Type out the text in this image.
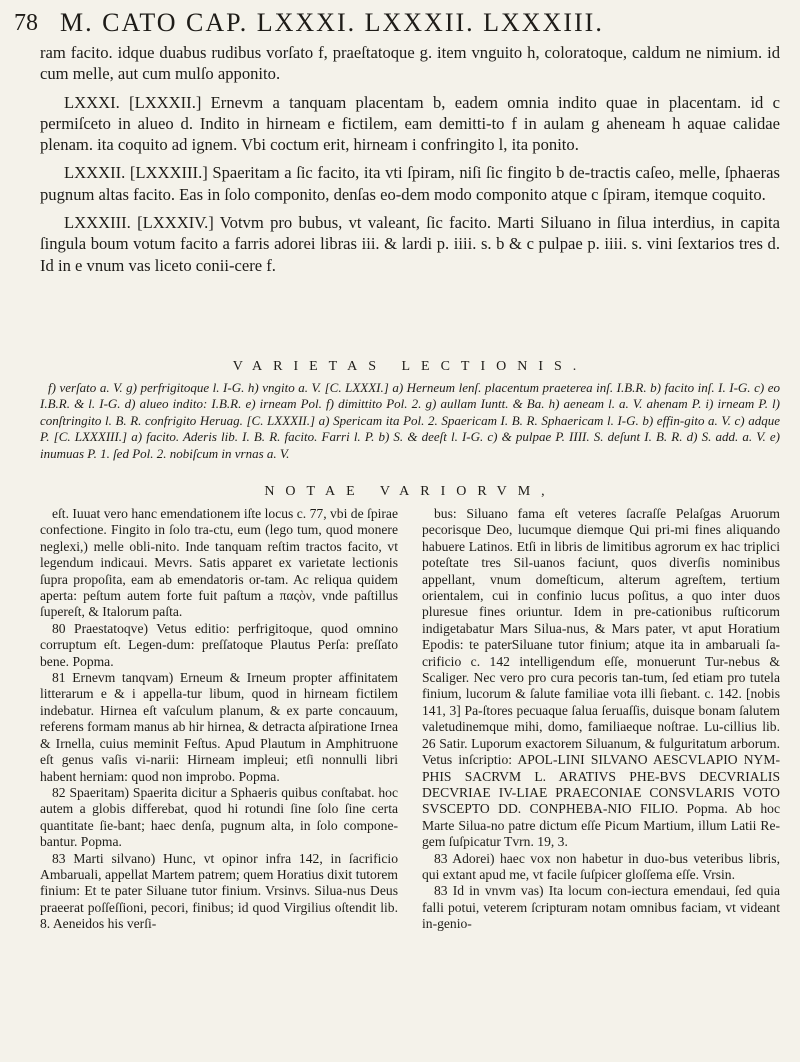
78 M. CATO CAP. LXXXI. LXXXII. LXXXIII.

ram facito. idque duabus rudibus vorſato f, praeſtatoque g. item vnguito h, coloratoque, caldum ne nimium. id cum melle, aut cum mulſo apponito.

LXXXI. [LXXXII.] Ernevm a tanquam placentam b, eadem omnia indito quae in placentam. id c permiſceto in alueo d. Indito in hirneam e fictilem, eam demitti-to f in aulam g aheneam h aquae calidae plenam. ita coquito ad ignem. Vbi coctum erit, hirneam i confringito l, ita ponito.

LXXXII. [LXXXIII.] Spaeritam a ſic facito, ita vti ſpiram, niſi ſic fingito b de-tractis caſeo, melle, ſphaeras pugnum altas facito. Eas in ſolo componito, denſas eo-dem modo componito atque c ſpiram, itemque coquito.

LXXXIII. [LXXXIV.] Votvm pro bubus, vt valeant, ſic facito. Marti Siluano in ſilua interdius, in capita ſingula boum votum facito a farris adorei libras iii. & lardi p. iiii. s. b & c pulpae p. iiii. s. vini ſextarios tres d. Id in e vnum vas liceto conii-cere f.

VARIETAS LECTIONIS.

f) verſato a. V. g) perfrigitoque l. I-G. h) vngito a. V. [C. LXXXI.] a) Herneum lenſ. placentum praeterea inſ. I.B.R. b) facito inſ. I. I-G. c) eo I.B.R. & l. I-G. d) alueo indito: I.B.R. e) irneam Pol. f) dimittito Pol. 2. g) aullam Iuntt. & Ba. h) aeneam l. a. V. ahenam P. i) irneam P. l) conſtringito l. B. R. confrigito Heruag. [C. LXXXII.] a) Spericam ita Pol. 2. Spaericam I. B. R. Sphaericam l. I-G. b) effin-gito a. V. c) adque P. [C. LXXXIII.] a) facito. Aderis lib. I. B. R. facito. Farri l. P. b) S. & deeſt l. I-G. c) & pulpae P. IIII. S. deſunt I. B. R. d) S. add. a. V. e) inumuas P. 1. ſed Pol. 2. nobiſcum in vrnas a. V.

NOTAE VARIORVM,

eſt. Iuuat vero hanc emendationem iſte locus c. 77, vbi de ſpirae confectione. Fingito in ſolo tra-ctu, eum (lego tum, quod monere neglexi,) melle obli-nito. Inde tanquam reſtim tractos facito, vt legendum indicaui. Mevrs. Satis apparet ex varietate lectionis ſupra propoſita, eam ab emendatoris or-tam. Ac reliqua quidem aperta: peſtum autem forte fuit paſtum a παςὸν, vnde paſtillus ſupereſt, & Italorum paſta.

80 Praestatoqve) Vetus editio: perfrigitoque, quod omnino corruptum eſt. Legen-dum: preſſatoque Plautus Perſa: preſſato bene. Popma.

81 Ernevm tanqvam) Erneum & Irneum propter affinitatem litterarum e & i appella-tur libum, quod in hirneam fictilem indebatur. Hirnea eſt vaſculum planum, & ex parte concauum, referens formam manus ab hir hirnea, & detracta aſpiratione Irnea & Irnella, cuius meminit Feſtus. Apud Plautum in Amphitruone eſt genus vaſis vi-narii: Hirneam impleui; etſi nonnulli libri habent herniam: quod non improbo. Popma.

82 Spaeritam) Spaerita dicitur a Sphaeris quibus conſtabat. hoc autem a globis differebat, quod hi rotundi ſine ſolo ſine certa quantitate ſie-bant; haec denſa, pugnum alta, in ſolo compone-bantur. Popma.

83 Marti silvano) Hunc, vt opinor infra 142, in ſacrificio Ambaruali, appellat Martem patrem; quem Horatius dixit tutorem finium: Et te pater Siluane tutor finium. Vrsinvs. Silua-nus Deus praeerat poſſeſſioni, pecori, finibus; id quod Virgilius oſtendit lib. 8. Aeneidos his verſi-

bus: Siluano fama eſt veteres ſacraſſe Pelaſgas Aruorum pecorisque Deo, lucumque diemque Qui pri-mi fines aliquando habuere Latinos. Etſi in libris de limitibus agrorum ex hac triplici poteſtate tres Sil-uanos faciunt, quos diverſis nominibus appellant, vnum domeſticum, alterum agreſtem, tertium orientalem, cui in confinio lucus poſitus, a quo inter duos pluresue fines oriuntur. Idem in pre-cationibus ruſticorum indigetabatur Mars Silua-nus, & Mars pater, vt aput Horatium Epodis: te paterSiluane tutor finium; atque ita in ambaruali ſa-crificio c. 142 intelligendum eſſe, monuerunt Tur-nebus & Scaliger. Nec vero pro cura pecoris tan-tum, ſed etiam pro tutela finium, lucorum & ſalute familiae vota illi ſiebant. c. 142. [nobis 141, 3] Pa-ſtores pecuaque ſalua ſeruaſſis, duisque bonam ſalutem valetudinemque mihi, domo, familiaeque noſtrae. Lu-cillius lib. 26 Satir. Luporum exactorem Siluanum, & fulguritatum arborum. Vetus inſcriptio: APOL-LINI SILVANO AESCVLAPIO NYM-PHIS SACRVM L. ARATIVS PHE-BVS DECVRIALIS DECVRIAE IV-LIAE PRAECONIAE CONSVLARIS VOTO SVSCEPTO DD. CONPHEBA-NIO FILIO. Popma. Ab hoc Marte Silua-no patre dictum eſſe Picum Martium, illum Latii Re-gem ſuſpicatur Tvrn. 19, 3.

83 Adorei) haec vox non habetur in duo-bus veteribus libris, qui extant apud me, vt facile ſuſpicer gloſſema eſſe. Vrsin.

83 Id in vnvm vas) Ita locum con-iectura emendaui, ſed quia falli potui, veterem ſcripturam notam omnibus faciam, vt videant in-genio-
